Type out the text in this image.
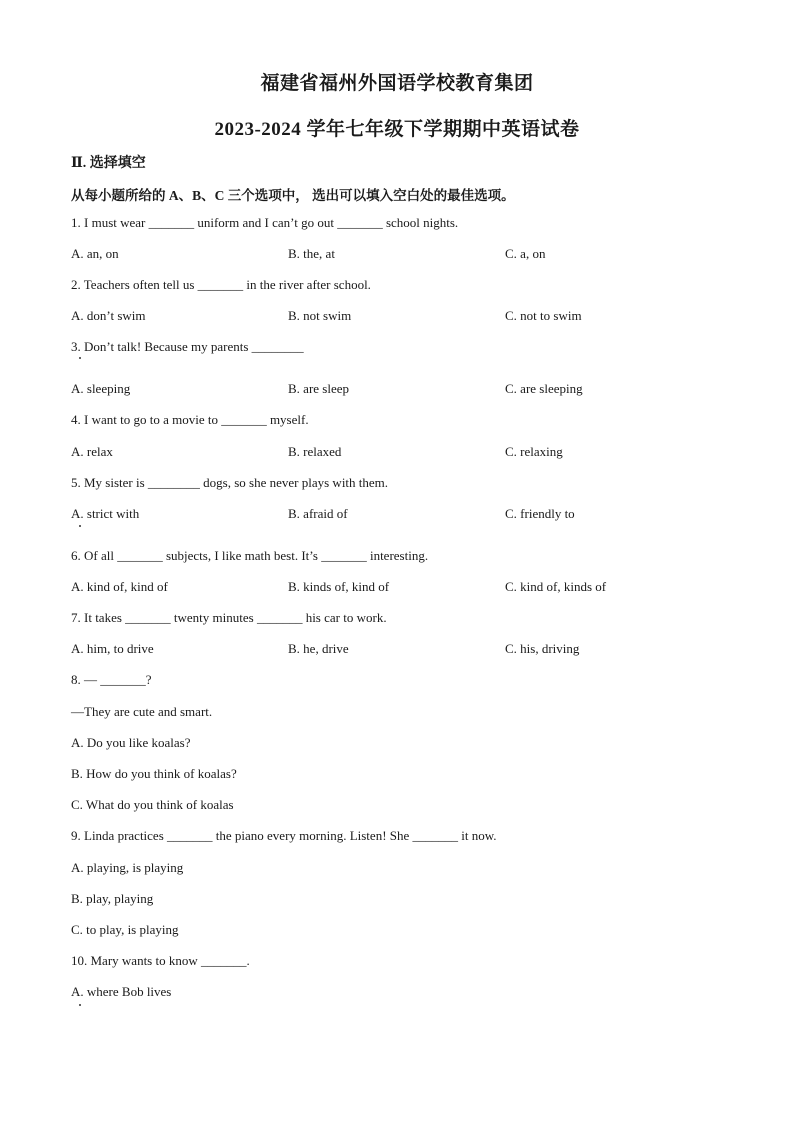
福建省福州外国语学校教育集团
2023-2024 学年七年级下学期期中英语试卷
Ⅱ. 选择填空
从每小题所给的 A、B、C 三个选项中， 选出可以填入空白处的最佳选项。
1. I must wear _______ uniform and I can’t go out _______ school nights.
A. an, on	B. the, at	C. a, on
2. Teachers often tell us _______ in the river after school.
A. don’t swim	B. not swim	C. not to swim
3. Don’t talk! Because my parents ________
A. sleeping	B. are sleep	C. are sleeping
4. I want to go to a movie to _______ myself.
A. relax	B. relaxed	C. relaxing
5. My sister is ________ dogs, so she never plays with them.
A. strict with	B. afraid of	C. friendly to
6. Of all _______ subjects, I like math best. It’s _______ interesting.
A. kind of, kind of	B. kinds of, kind of	C. kind of, kinds of
7. It takes _______ twenty minutes _______ his car to work.
A. him, to drive	B. he, drive	C. his, driving
8. — _______?
—They are cute and smart.
A. Do you like koalas?
B. How do you think of koalas?
C. What do you think of koalas
9. Linda practices _______ the piano every morning. Listen! She _______ it now.
A. playing, is playing
B. play, playing
C. to play, is playing
10. Mary wants to know _______.
A. where Bob lives
